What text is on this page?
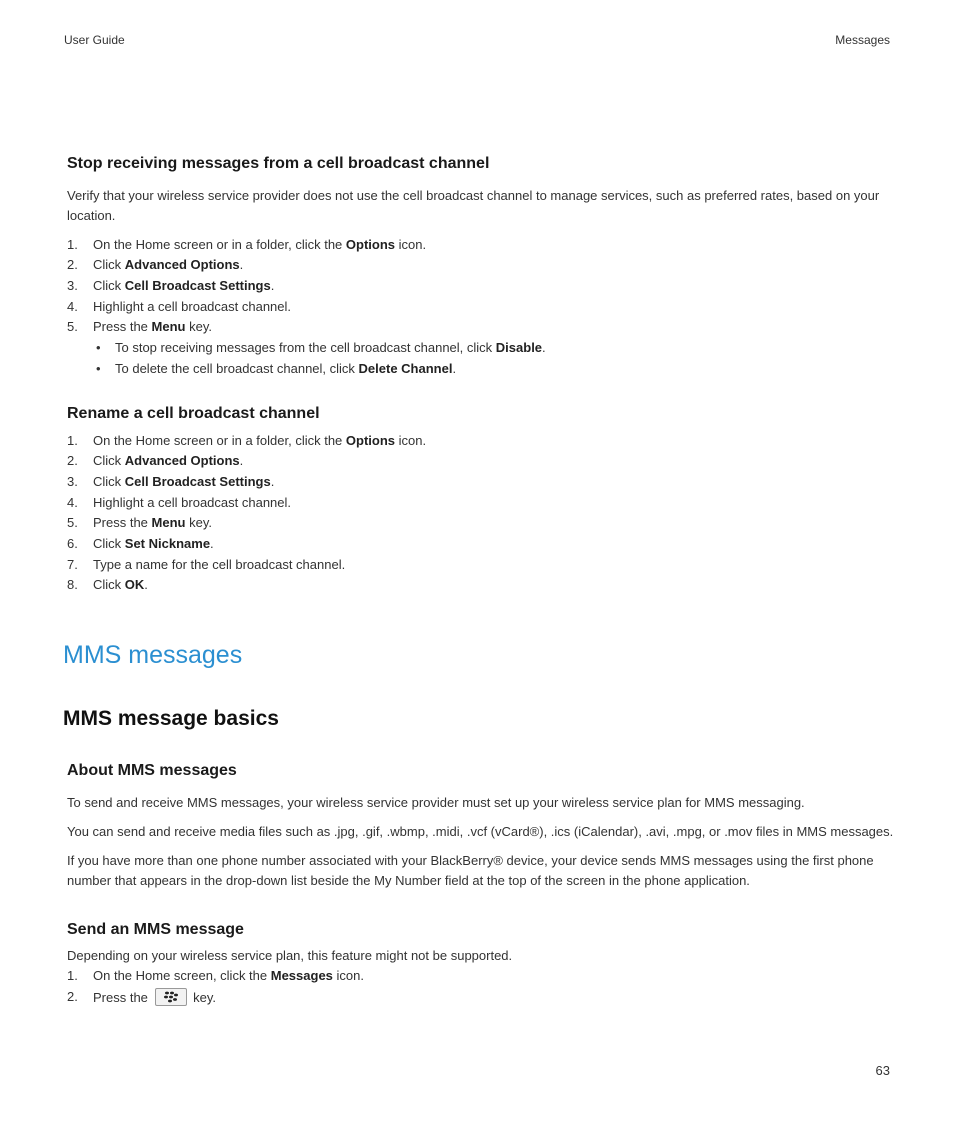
User Guide	Messages
Stop receiving messages from a cell broadcast channel
Verify that your wireless service provider does not use the cell broadcast channel to manage services, such as preferred rates, based on your location.
1. On the Home screen or in a folder, click the Options icon.
2. Click Advanced Options.
3. Click Cell Broadcast Settings.
4. Highlight a cell broadcast channel.
5. Press the Menu key.
• To stop receiving messages from the cell broadcast channel, click Disable.
• To delete the cell broadcast channel, click Delete Channel.
Rename a cell broadcast channel
1. On the Home screen or in a folder, click the Options icon.
2. Click Advanced Options.
3. Click Cell Broadcast Settings.
4. Highlight a cell broadcast channel.
5. Press the Menu key.
6. Click Set Nickname.
7. Type a name for the cell broadcast channel.
8. Click OK.
MMS messages
MMS message basics
About MMS messages
To send and receive MMS messages, your wireless service provider must set up your wireless service plan for MMS messaging.
You can send and receive media files such as .jpg, .gif, .wbmp, .midi, .vcf (vCard®), .ics (iCalendar), .avi, .mpg, or .mov files in MMS messages.
If you have more than one phone number associated with your BlackBerry® device, your device sends MMS messages using the first phone number that appears in the drop-down list beside the My Number field at the top of the screen in the phone application.
Send an MMS message
Depending on your wireless service plan, this feature might not be supported.
1. On the Home screen, click the Messages icon.
2. Press the	key.
63
